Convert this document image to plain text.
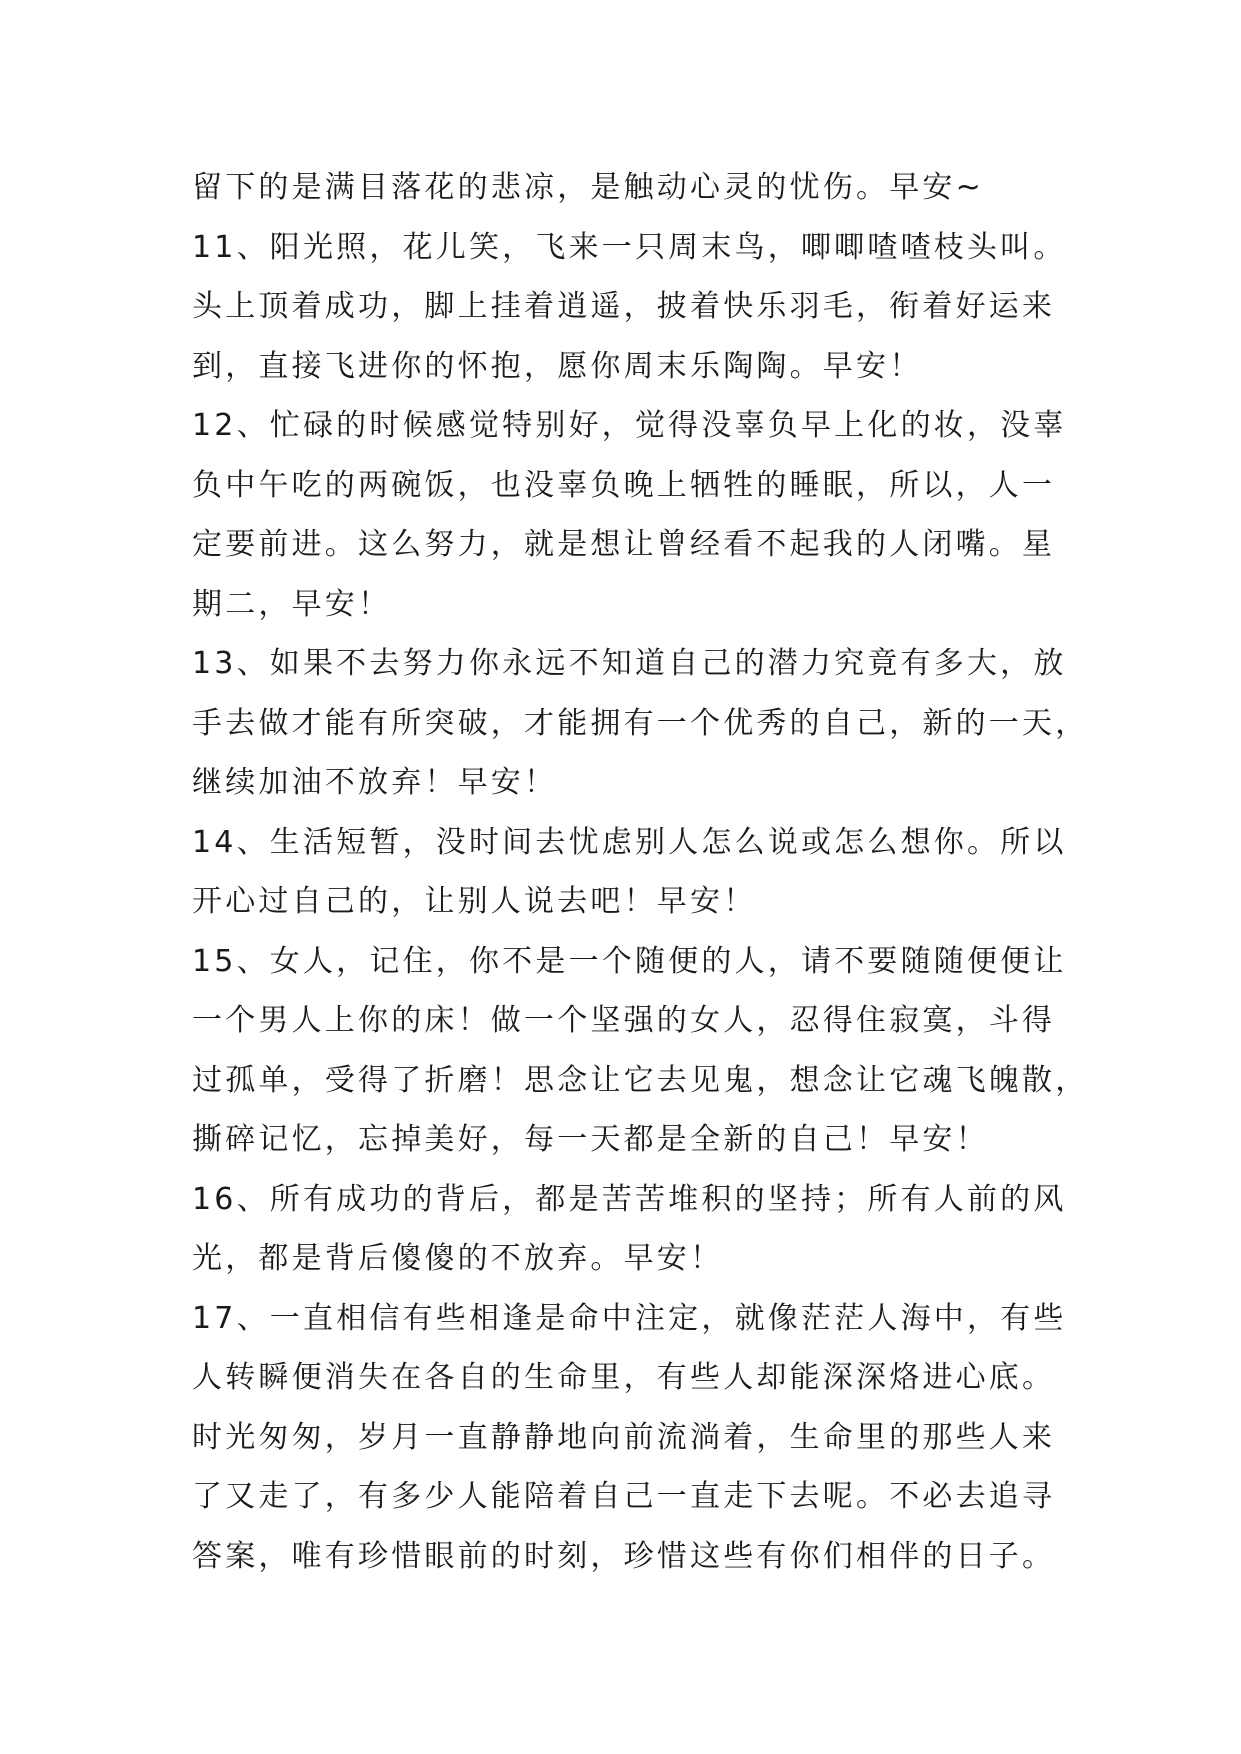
留下的是满目落花的悲凉，是触动心灵的忧伤。早安~
11、阳光照，花儿笑，飞来一只周末鸟，唧唧喳喳枝头叫。
头上顶着成功，脚上挂着逍遥，披着快乐羽毛，衔着好运来
到，直接飞进你的怀抱，愿你周末乐陶陶。早安！
12、忙碌的时候感觉特别好，觉得没辜负早上化的妆，没辜
负中午吃的两碗饭，也没辜负晚上牺牲的睡眠，所以，人一
定要前进。这么努力，就是想让曾经看不起我的人闭嘴。星
期二，早安！
13、如果不去努力你永远不知道自己的潜力究竟有多大，放
手去做才能有所突破，才能拥有一个优秀的自己，新的一天，
继续加油不放弃！早安！
14、生活短暂，没时间去忧虑别人怎么说或怎么想你。所以
开心过自己的，让别人说去吧！早安！
15、女人，记住，你不是一个随便的人，请不要随随便便让
一个男人上你的床！做一个坚强的女人，忍得住寂寞，斗得
过孤单，受得了折磨！思念让它去见鬼，想念让它魂飞魄散，
撕碎记忆，忘掉美好，每一天都是全新的自己！早安！
16、所有成功的背后，都是苦苦堆积的坚持；所有人前的风
光，都是背后傻傻的不放弃。早安！
17、一直相信有些相逢是命中注定，就像茫茫人海中，有些
人转瞬便消失在各自的生命里，有些人却能深深烙进心底。
时光匆匆，岁月一直静静地向前流淌着，生命里的那些人来
了又走了，有多少人能陪着自己一直走下去呢。不必去追寻
答案，唯有珍惜眼前的时刻，珍惜这些有你们相伴的日子。
